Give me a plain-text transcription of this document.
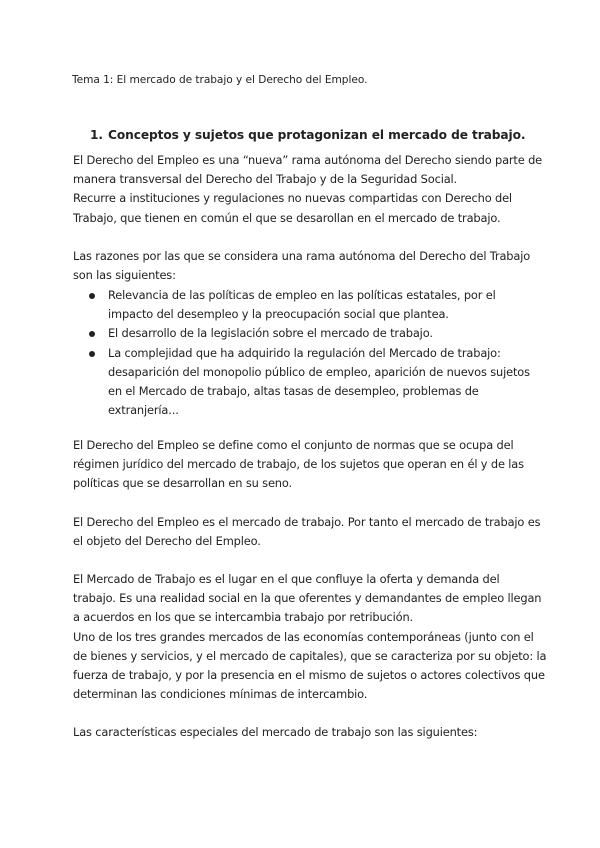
Tema 1: El mercado de trabajo y el Derecho del Empleo.
1. Conceptos y sujetos que protagonizan el mercado de trabajo.
El Derecho del Empleo es una “nueva” rama autónoma del Derecho siendo parte de
manera transversal del Derecho del Trabajo y de la Seguridad Social.
Recurre a instituciones y regulaciones no nuevas compartidas con Derecho del
Trabajo, que tienen en común el que se desarollan en el mercado de trabajo.
Las razones por las que se considera una rama autónoma del Derecho del Trabajo
son las siguientes:
Relevancia de las políticas de empleo en las políticas estatales, por el
impacto del desempleo y la preocupación social que plantea.
El desarrollo de la legislación sobre el mercado de trabajo.
La complejidad que ha adquirido la regulación del Mercado de trabajo:
desaparición del monopolio público de empleo, aparición de nuevos sujetos
en el Mercado de trabajo, altas tasas de desempleo, problemas de
extranjería...
El Derecho del Empleo se define como el conjunto de normas que se ocupa del
régimen jurídico del mercado de trabajo, de los sujetos que operan en él y de las
políticas que se desarrollan en su seno.
El Derecho del Empleo es el mercado de trabajo. Por tanto el mercado de trabajo es
el objeto del Derecho del Empleo.
El Mercado de Trabajo es el lugar en el que confluye la oferta y demanda del
trabajo. Es una realidad social en la que oferentes y demandantes de empleo llegan
a acuerdos en los que se intercambia trabajo por retribución.
Uno de los tres grandes mercados de las economías contemporáneas (junto con el
de bienes y servicios, y el mercado de capitales), que se caracteriza por su objeto: la
fuerza de trabajo, y por la presencia en el mismo de sujetos o actores colectivos que
determinan las condiciones mínimas de intercambio.
Las características especiales del mercado de trabajo son las siguientes:
